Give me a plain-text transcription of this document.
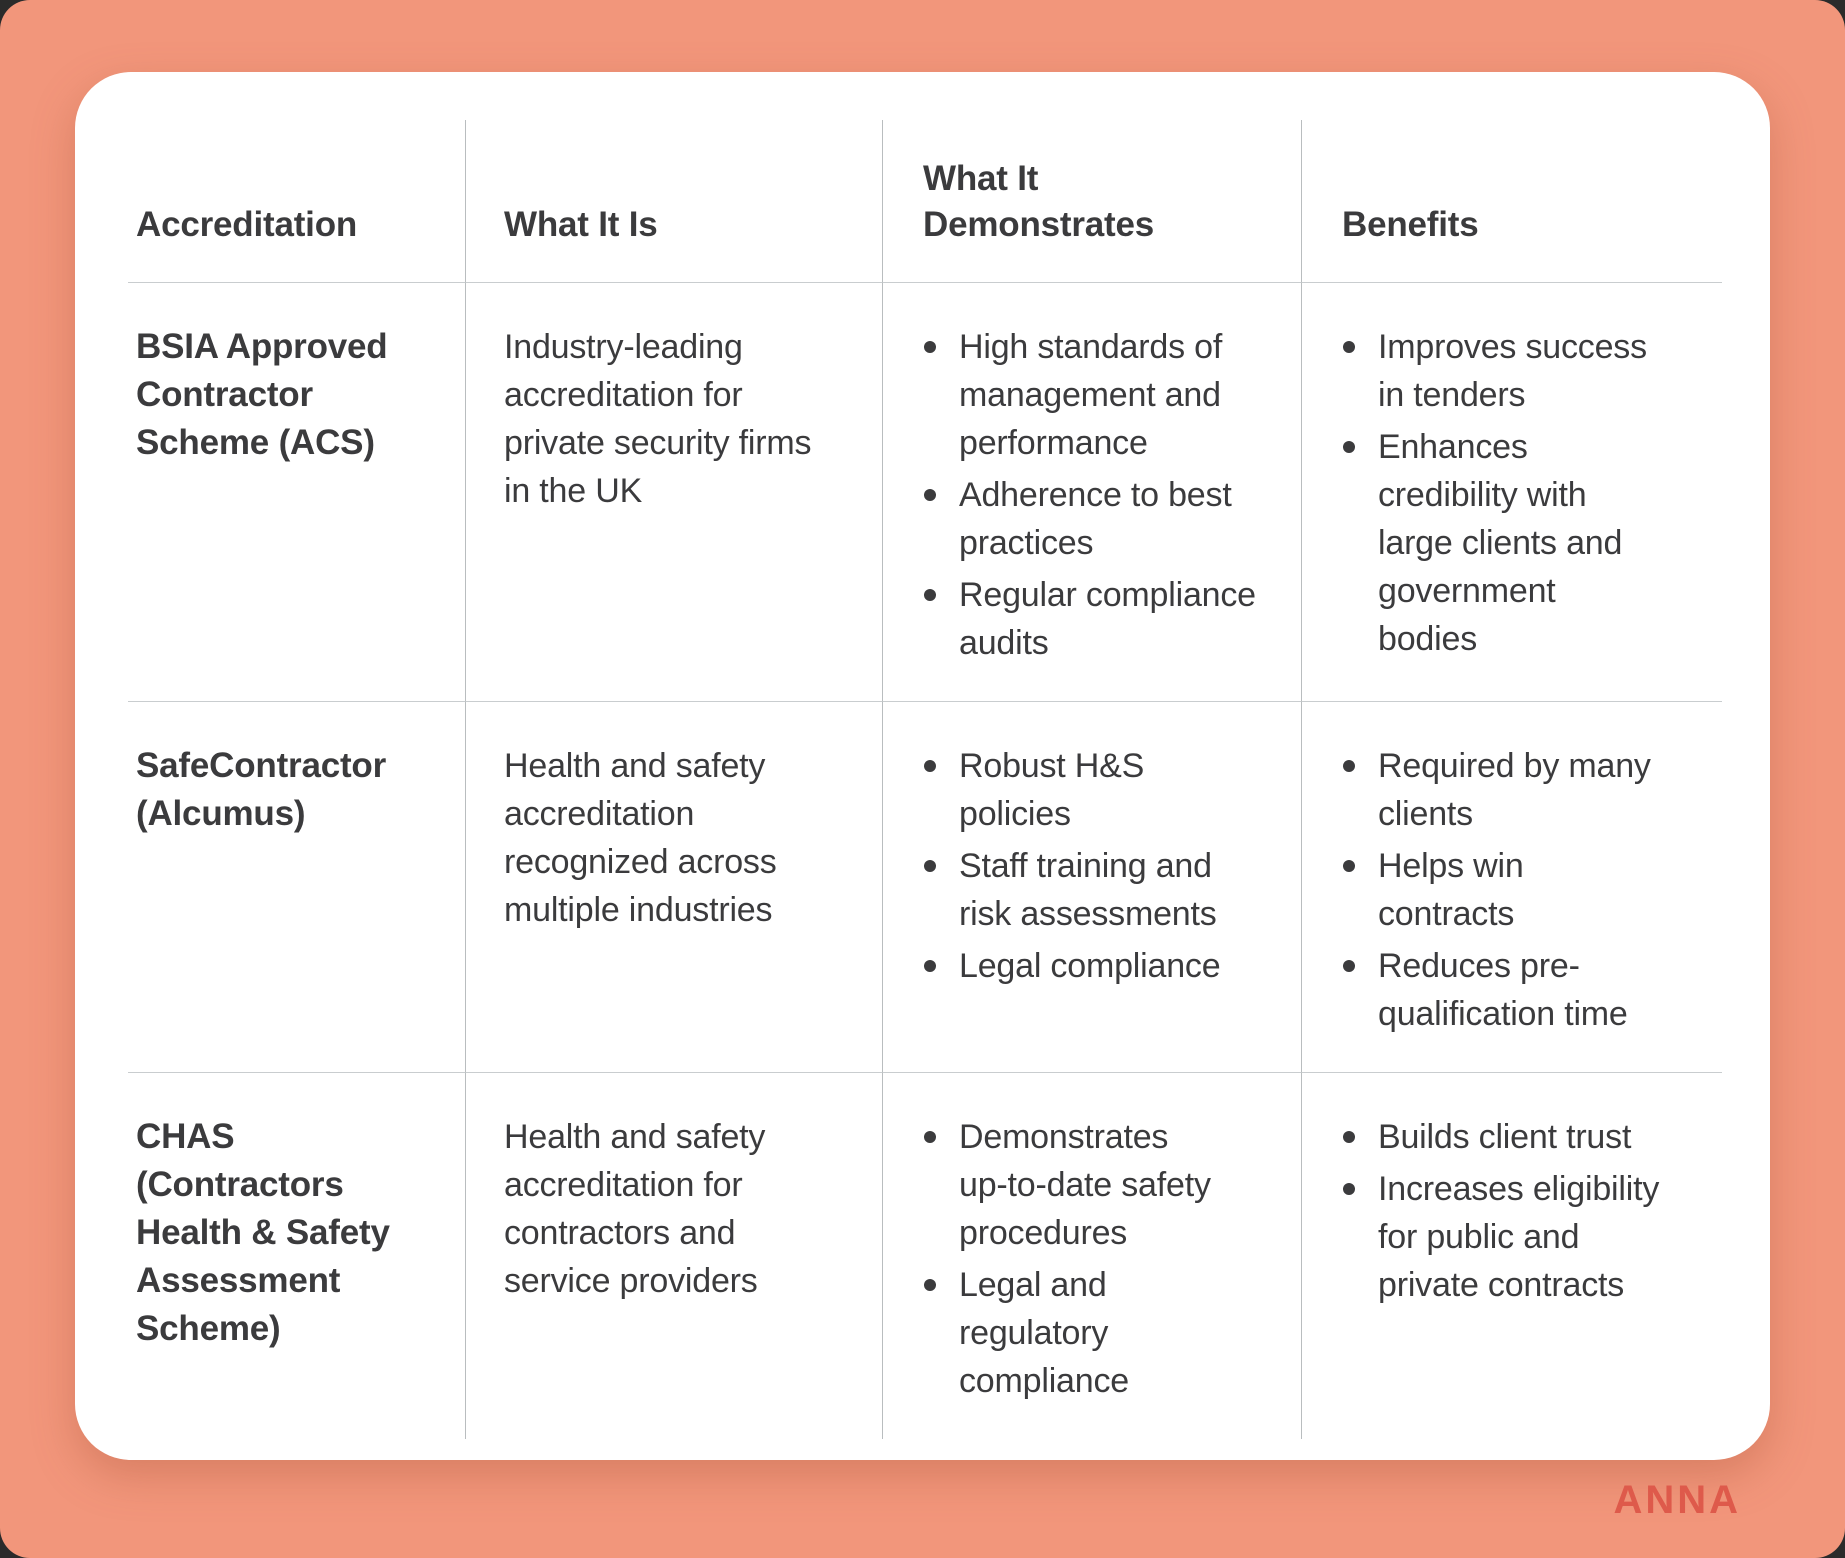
Accreditation	What It Is
What It Demonstrates	Benefits
BSIA Approved Contractor Scheme (ACS)
Industry-leading accreditation for private security firms in the UK
High standards of management and performance
Adherence to best practices
Regular compliance audits
Improves success in tenders
Enhances credibility with large clients and government bodies
SafeContractor (Alcumus)
Health and safety accreditation recognized across multiple industries
Robust H&S policies
Staff training and risk assessments
Legal compliance
Required by many clients
Helps win contracts
Reduces pre-qualification time
CHAS (Contractors Health & Safety Assessment Scheme)
Health and safety accreditation for contractors and service providers
Demonstrates up‑to‑date safety procedures
Legal and regulatory compliance
Builds client trust
Increases eligibility for public and private contracts
ANNA
